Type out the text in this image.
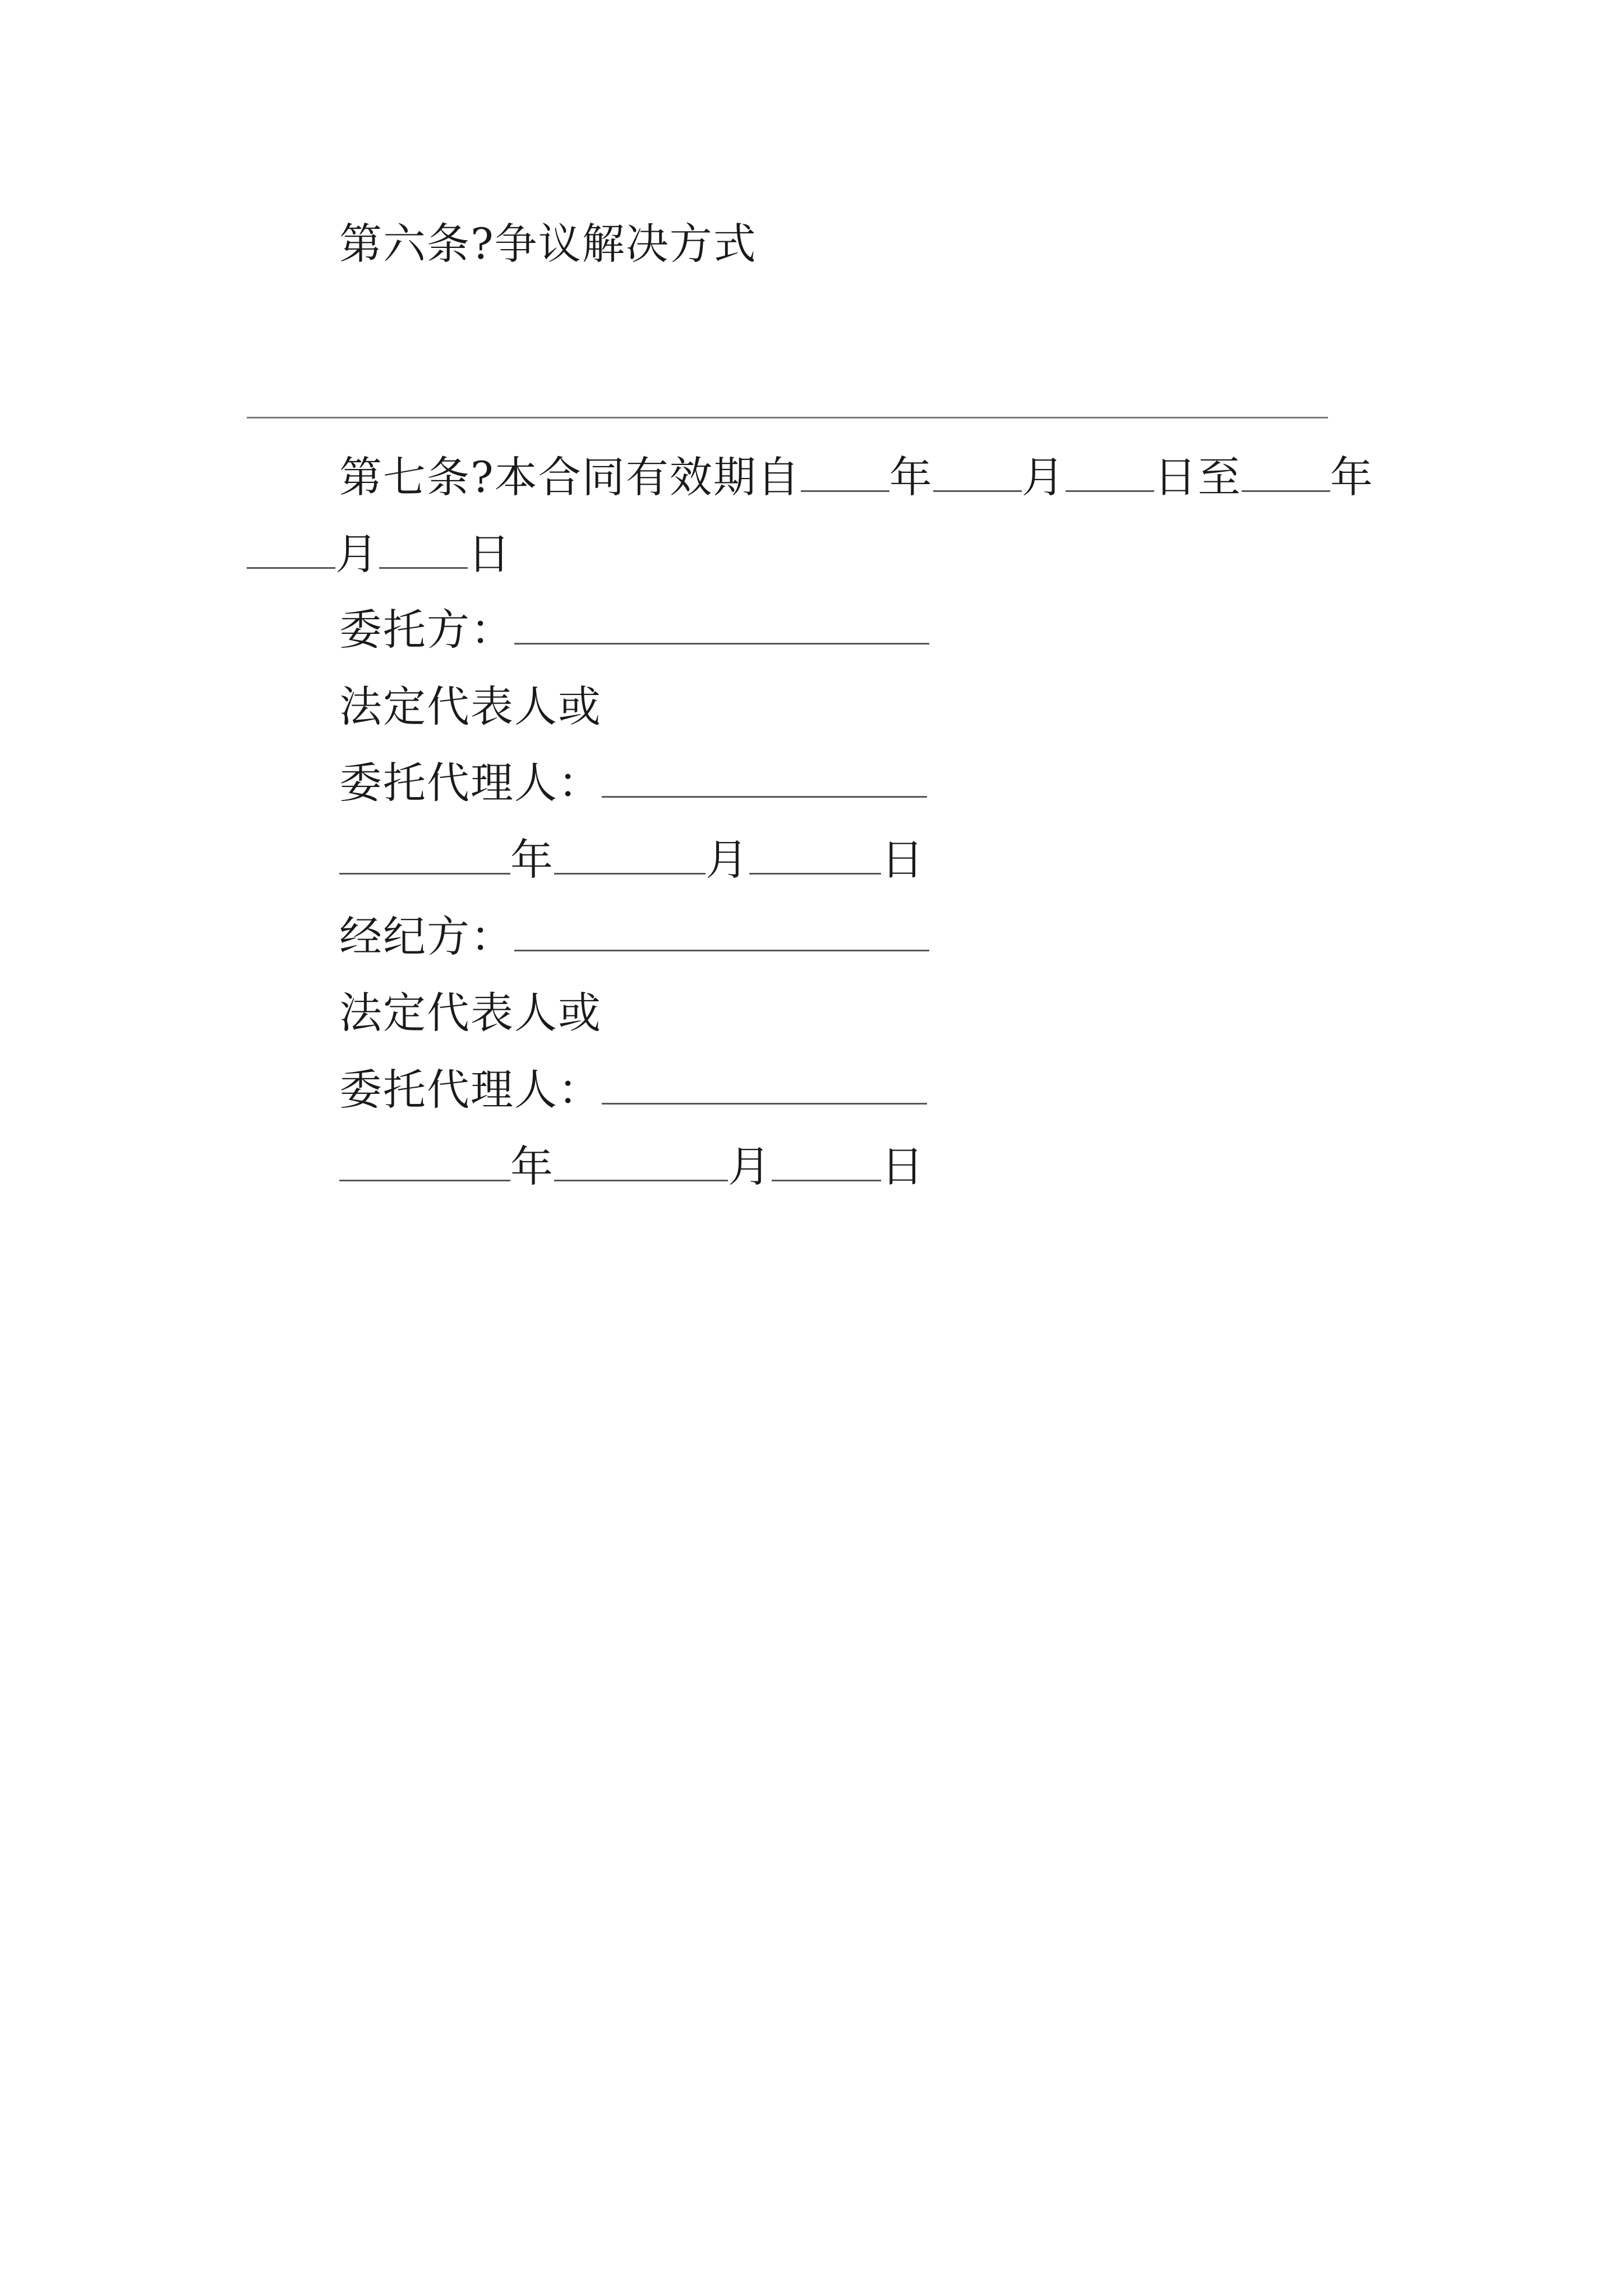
第六条?争议解决方式
第七条?本合同有效期自 年 月 日至 年
月 日
委托方：
法定代表人或
委托代理人：
年	月	日
经纪方：
法定代表人或
委托代理人：
年	月	日
